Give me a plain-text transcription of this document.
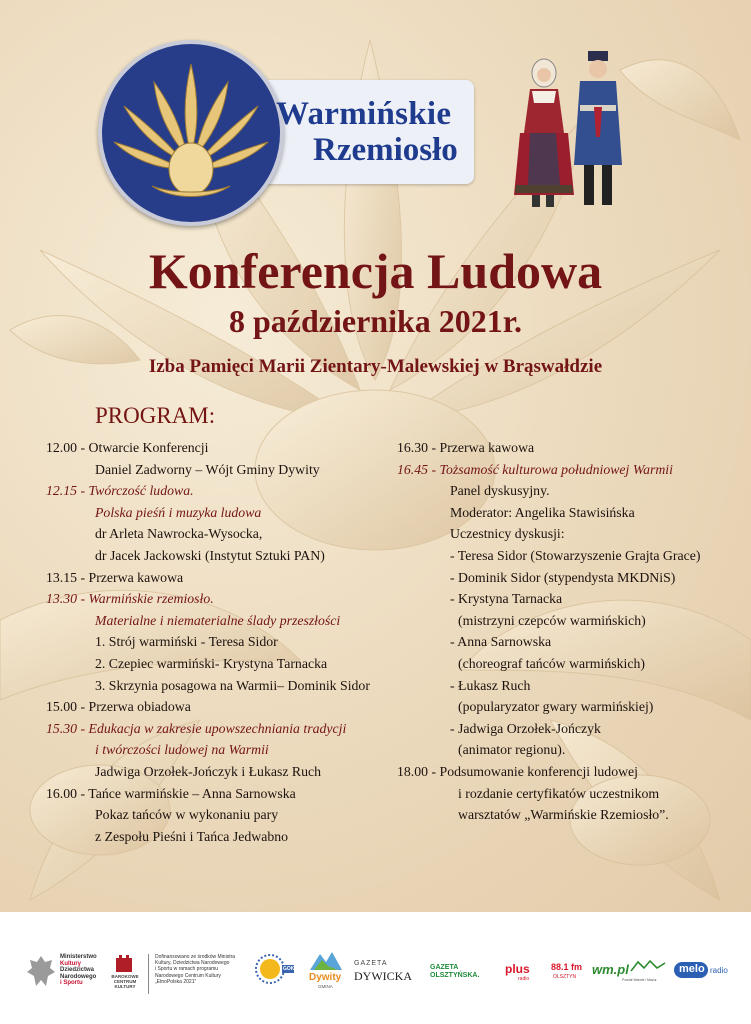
Warmińskie
Rzemiosło
Konferencja Ludowa
8 października 2021r.
Izba Pamięci Marii Zientary-Malewskiej w Brąswałdzie
PROGRAM:
12.00 - Otwarcie Konferencji
Daniel Zadworny – Wójt Gminy Dywity
12.15 - Twórczość ludowa.
Polska pieśń i muzyka ludowa
dr Arleta Nawrocka-Wysocka,
dr Jacek Jackowski (Instytut Sztuki PAN)
13.15 - Przerwa kawowa
13.30 - Warmińskie rzemiosło.
Materialne i niematerialne ślady przeszłości
1. Strój warmiński - Teresa Sidor
2. Czepiec warmiński- Krystyna Tarnacka
3. Skrzynia posagowa na Warmii– Dominik Sidor
15.00 - Przerwa obiadowa
15.30 - Edukacja w zakresie upowszechniania tradycji
i twórczości ludowej na Warmii
Jadwiga Orzołek-Jończyk i Łukasz Ruch
16.00 - Tańce warmińskie – Anna Sarnowska
Pokaz tańców w wykonaniu pary
z Zespołu Pieśni i Tańca Jedwabno
16.30 - Przerwa kawowa
16.45 - Tożsamość kulturowa południowej Warmii
Panel dyskusyjny.
Moderator: Angelika Stawisińska
Uczestnicy dyskusji:
- Teresa Sidor (Stowarzyszenie Grajta Grace)
- Dominik Sidor (stypendysta MKDNiS)
- Krystyna Tarnacka
(mistrzyni czepców warmińskich)
- Anna Sarnowska
(choreograf tańców warmińskich)
- Łukasz Ruch
(popularyzator gwary warmińskiej)
- Jadwiga Orzołek-Jończyk
(animator regionu).
18.00 - Podsumowanie konferencji ludowej
i rozdanie certyfikatów uczestnikom
warsztatów „Warmińskie Rzemiosło”.
Ministerstwo
Kultury
Dziedzictwa
Narodowego
i Sportu
BAROKOWE
CENTRUM
KULTURY
Dofinansowano ze środków Ministra
Kultury, Dziedzictwa Narodowego
i Sportu w ramach programu
Narodowego Centrum Kultury
„EtnoPolska 2021”
GOK
Dywity
GMINA
GAZETA
DYWICKA
GAZETA
OLSZTYŃSKA. plus
radio
88.1 fm
OLSZTYN wm.pl
Powiat Warmii i Mazur
melo radio
